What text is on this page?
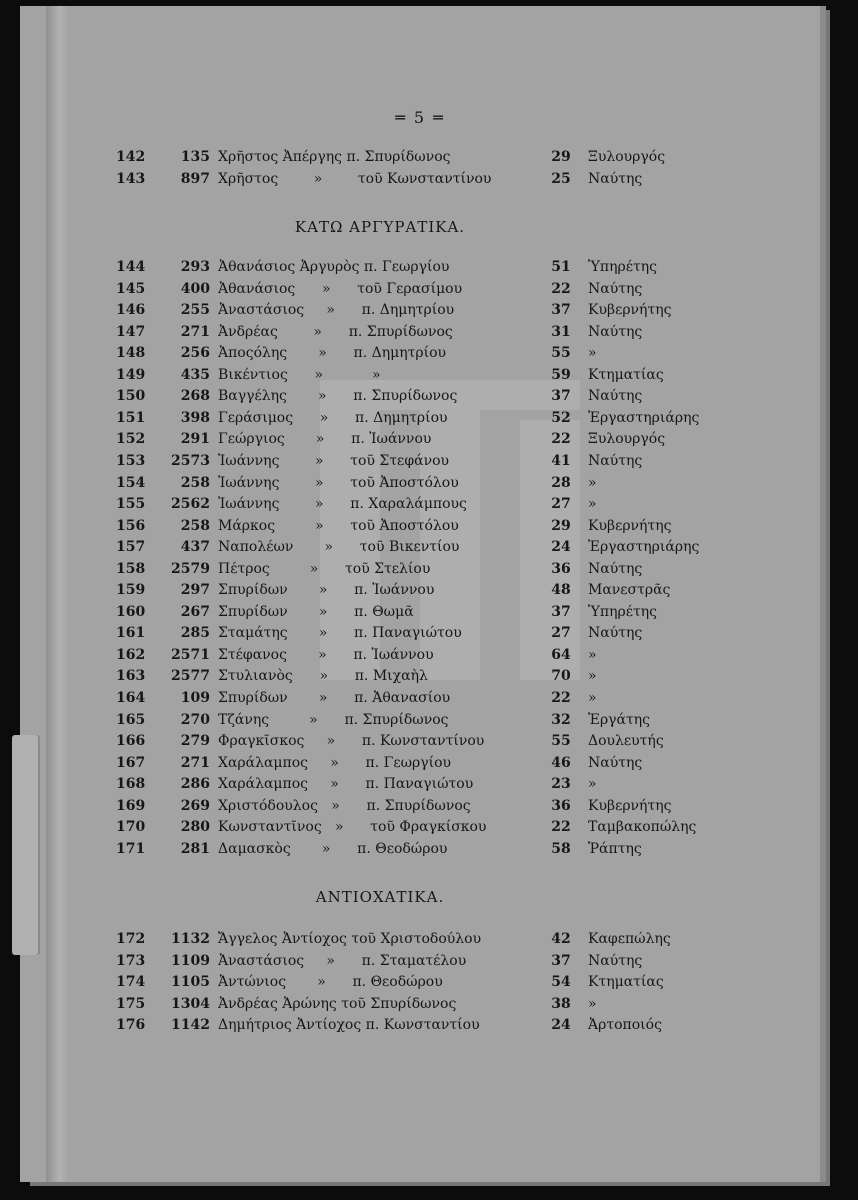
═ 5 ═
142	135 Χρῆστος Ἀπέργης π. Σπυρίδωνος	29	Ξυλουργός
143	897 Χρῆστος        »        τοῦ Κωνσταντίνου	25	Ναύτης
ΚΑΤΩ ΑΡΓΥΡΑΤΙΚΑ.
144	293 Ἀθανάσιος Ἀργυρὸς π. Γεωργίου	51	Ὑπηρέτης
145	400 Ἀθανάσιος      »      τοῦ Γερασίμου	22	Ναύτης
146	255 Ἀναστάσιος     »      π. Δημητρίου	37	Κυβερνήτης
147	271 Ἀνδρέας        »      π. Σπυρίδωνος	31	Ναύτης
148	256 Ἀποςόλης       »      π. Δημητρίου	55	»
149	435 Βικέντιος      »           »	59	Κτηματίας
150	268 Βαγγέλης       »      π. Σπυρίδωνος	37	Ναύτης
151	398 Γεράσιμος      »      π. Δημητρίου	52	Ἐργαστηριάρης
152	291 Γεώργιος       »      π. Ἰωάννου	22	Ξυλουργός
153	2573 Ἰωάννης        »      τοῦ Στεφάνου	41	Ναύτης
154	258 Ἰωάννης        »      τοῦ Ἀποστόλου	28	»
155	2562 Ἰωάννης        »      π. Χαραλάμπους	27	»
156	258 Μάρκος         »      τοῦ Ἀποστόλου	29	Κυβερνήτης
157	437 Ναπολέων       »      τοῦ Βικεντίου	24	Ἐργαστηριάρης
158	2579 Πέτρος         »      τοῦ Στελίου	36	Ναύτης
159	297 Σπυρίδων       »      π. Ἰωάννου	48	Μανεστρᾶς
160	267 Σπυρίδων       »      π. Θωμᾶ	37	Ὑπηρέτης
161	285 Σταμάτης       »      π. Παναγιώτου	27	Ναύτης
162	2571 Στέφανος       »      π. Ἰωάννου	64	»
163	2577 Στυλιανὸς      »      π. Μιχαὴλ	70	»
164	109 Σπυρίδων       »      π. Ἀθανασίου	22	»
165	270 Τζάνης         »      π. Σπυρίδωνος	32	Ἐργάτης
166	279 Φραγκῖσκος     »      π. Κωνσταντίνου	55	Δουλευτής
167	271 Χαράλαμπος     »      π. Γεωργίου	46	Ναύτης
168	286 Χαράλαμπος     »      π. Παναγιώτου	23	»
169	269 Χριστόδουλος   »      π. Σπυρίδωνος	36	Κυβερνήτης
170	280 Κωνσταντῖνος   »      τοῦ Φραγκίσκου	22	Ταμβακοπώλης
171	281 Δαμασκὸς       »      π. Θεοδώρου	58	Ῥάπτης
ΑΝΤΙΟΧΑΤΙΚΑ.
172	1132 Ἄγγελος Ἀντίοχος τοῦ Χριστοδούλου	42	Καφεπώλης
173	1109 Ἀναστάσιος     »      π. Σταματέλου	37	Ναύτης
174	1105 Ἀντώνιος       »      π. Θεοδώρου	54	Κτηματίας
175	1304 Ἀνδρέας Ἀρώνης τοῦ Σπυρίδωνος	38	»
176	1142 Δημήτριος Ἀντίοχος π. Κωνσταντίου	24	Ἀρτοποιός
